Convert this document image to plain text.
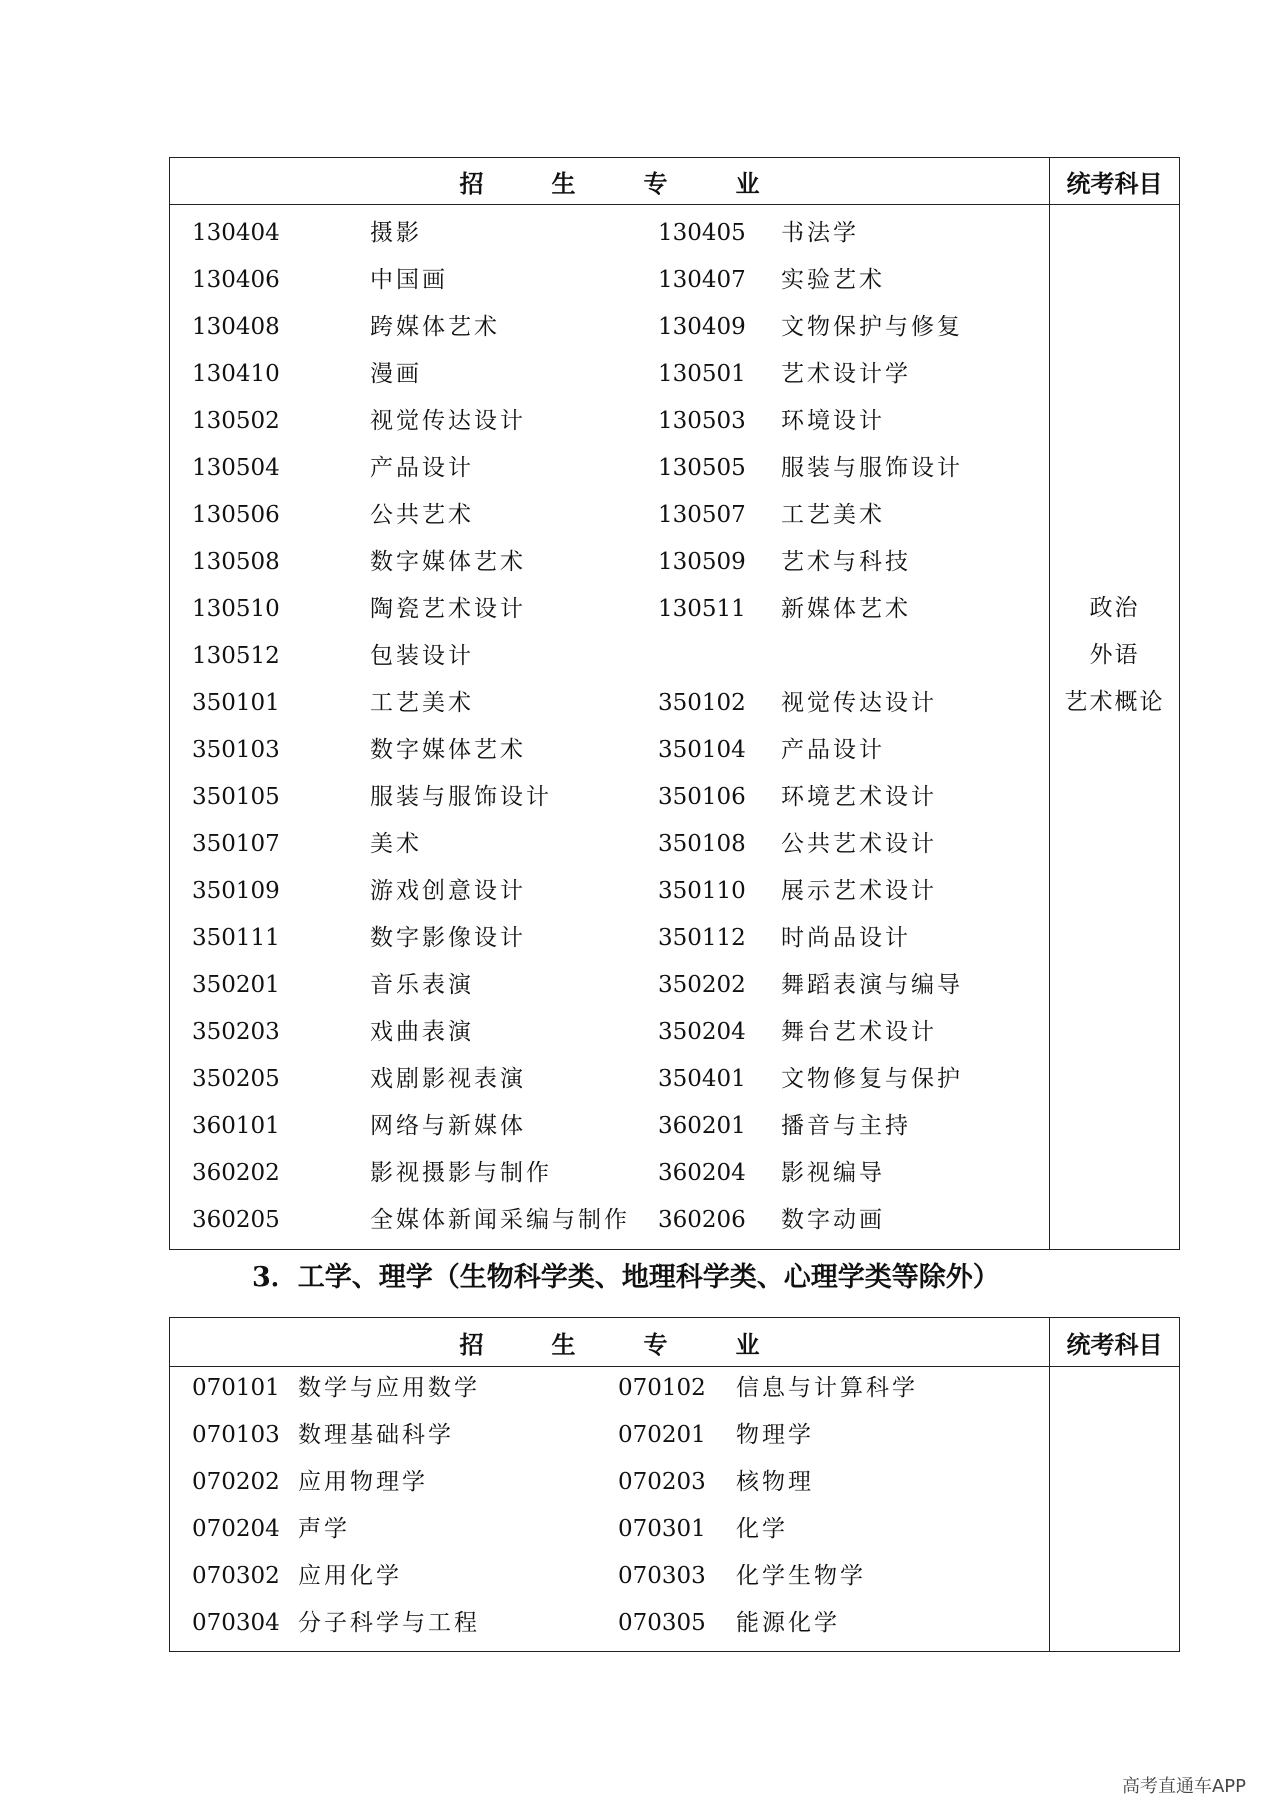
招	生	专	业	统考科目
130404	摄影	130405 书法学
130406	中国画	130407 实验艺术
130408	跨媒体艺术	130409 文物保护与修复
130410	漫画	130501 艺术设计学
130502	视觉传达设计	130503 环境设计
130504	产品设计	130505 服装与服饰设计
130506	公共艺术	130507 工艺美术
130508	数字媒体艺术	130509 艺术与科技
130510	陶瓷艺术设计	130511 新媒体艺术
130512	包装设计
350101	工艺美术	350102 视觉传达设计
350103	数字媒体艺术	350104 产品设计
350105	服装与服饰设计	350106 环境艺术设计
350107	美术	350108 公共艺术设计
350109	游戏创意设计	350110 展示艺术设计
350111	数字影像设计	350112 时尚品设计
350201	音乐表演	350202 舞蹈表演与编导
350203	戏曲表演	350204 舞台艺术设计
350205	戏剧影视表演	350401 文物修复与保护
360101	网络与新媒体	360201 播音与主持
360202	影视摄影与制作	360204 影视编导
360205	全媒体新闻采编与制作 360206 数字动画
政治
外语
艺术概论
3．工学、理学（生物科学类、地理科学类、心理学类等除外）
招	生	专	业	统考科目
070101 数学与应用数学	070102 信息与计算科学
070103 数理基础科学	070201 物理学
070202 应用物理学	070203 核物理
070204 声学	070301 化学
070302 应用化学	070303 化学生物学
070304 分子科学与工程	070305 能源化学
高考直通车APP
